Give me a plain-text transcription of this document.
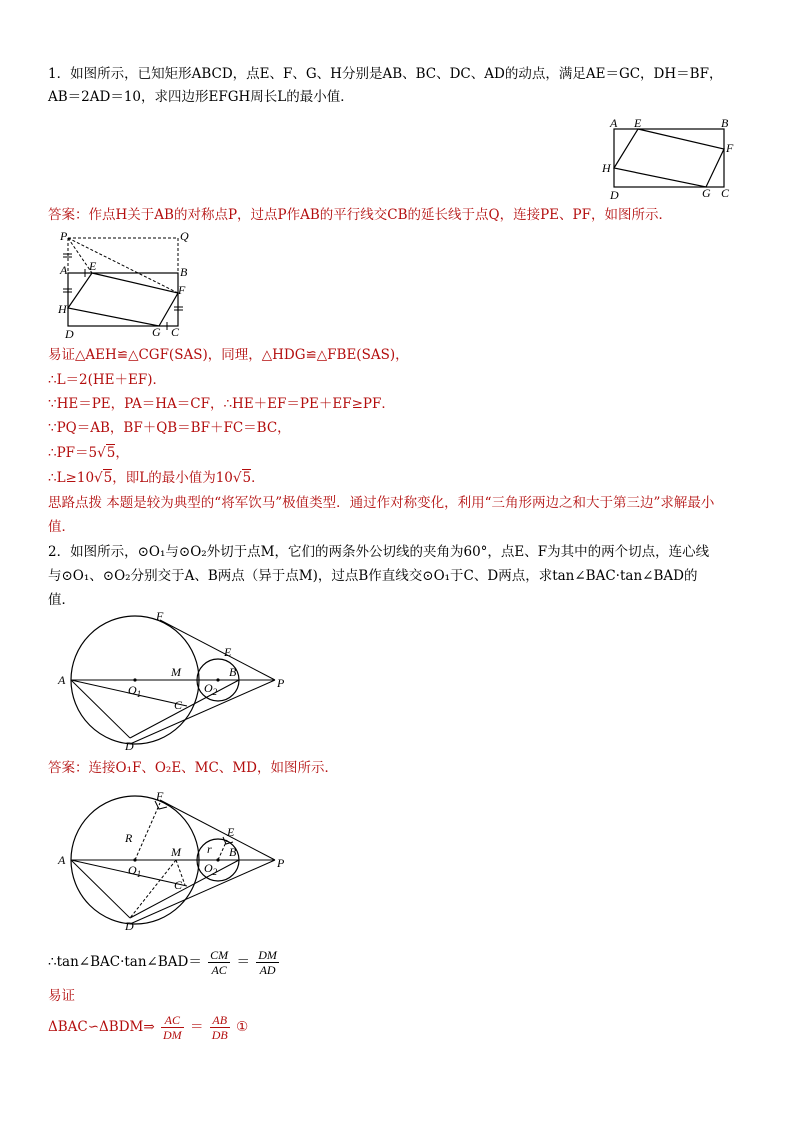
1．如图所示，已知矩形ABCD，点E、F、G、H分别是AB、BC、DC、AD的动点，满足AE＝GC，DH＝BF，
AB＝2AD＝10，求四边形EFGH周长L的最小值．
A E	B
F
H
D	G C
答案：作点H关于AB的对称点P，过点P作AB的平行线交CB的延长线于点Q，连接PE、PF，如图所示．
P	Q
A E	B
H
F
D	G C
易证△AEH≌△CGF(SAS)，同理，△HDG≌△FBE(SAS)，
∴L＝2(HE＋EF)．
∵HE＝PE，PA＝HA＝CF，∴HE＋EF＝PE＋EF≥PF．
∵PQ＝AB，BF＋QB＝BF＋FC＝BC，
∴PF＝5√5，
∴L≥10√5，即L的最小值为10√5．
思路点拨 本题是较为典型的“将军饮马”极值类型．通过作对称变化，利用“三角形两边之和大于第三边”求解最小
值．
2．如图所示，⊙O₁与⊙O₂外切于点M，它们的两条外公切线的夹角为60°，点E、F为其中的两个切点，连心线
与⊙O₁、⊙O₂分别交于A、B两点（异于点M)，过点B作直线交⊙O₁于C、D两点，求tan∠BAC·tan∠BAD的
值．
F
E
A
M	B
P
$O_1$	$O_2$
C
D
答案：连接O₁F、O₂E、MC、MD，如图所示．
F
E
R
r
A
M	B
P
$O_1$	$O_2$
C
D
∴tan∠BAC·tan∠BAD＝ $\frac{CM}{AC} = \frac{DM}{AD}$
易证
ΔBAC∽ΔBDM⇒ $\frac{AC}{DM} = \frac{AB}{DB}$ ①
